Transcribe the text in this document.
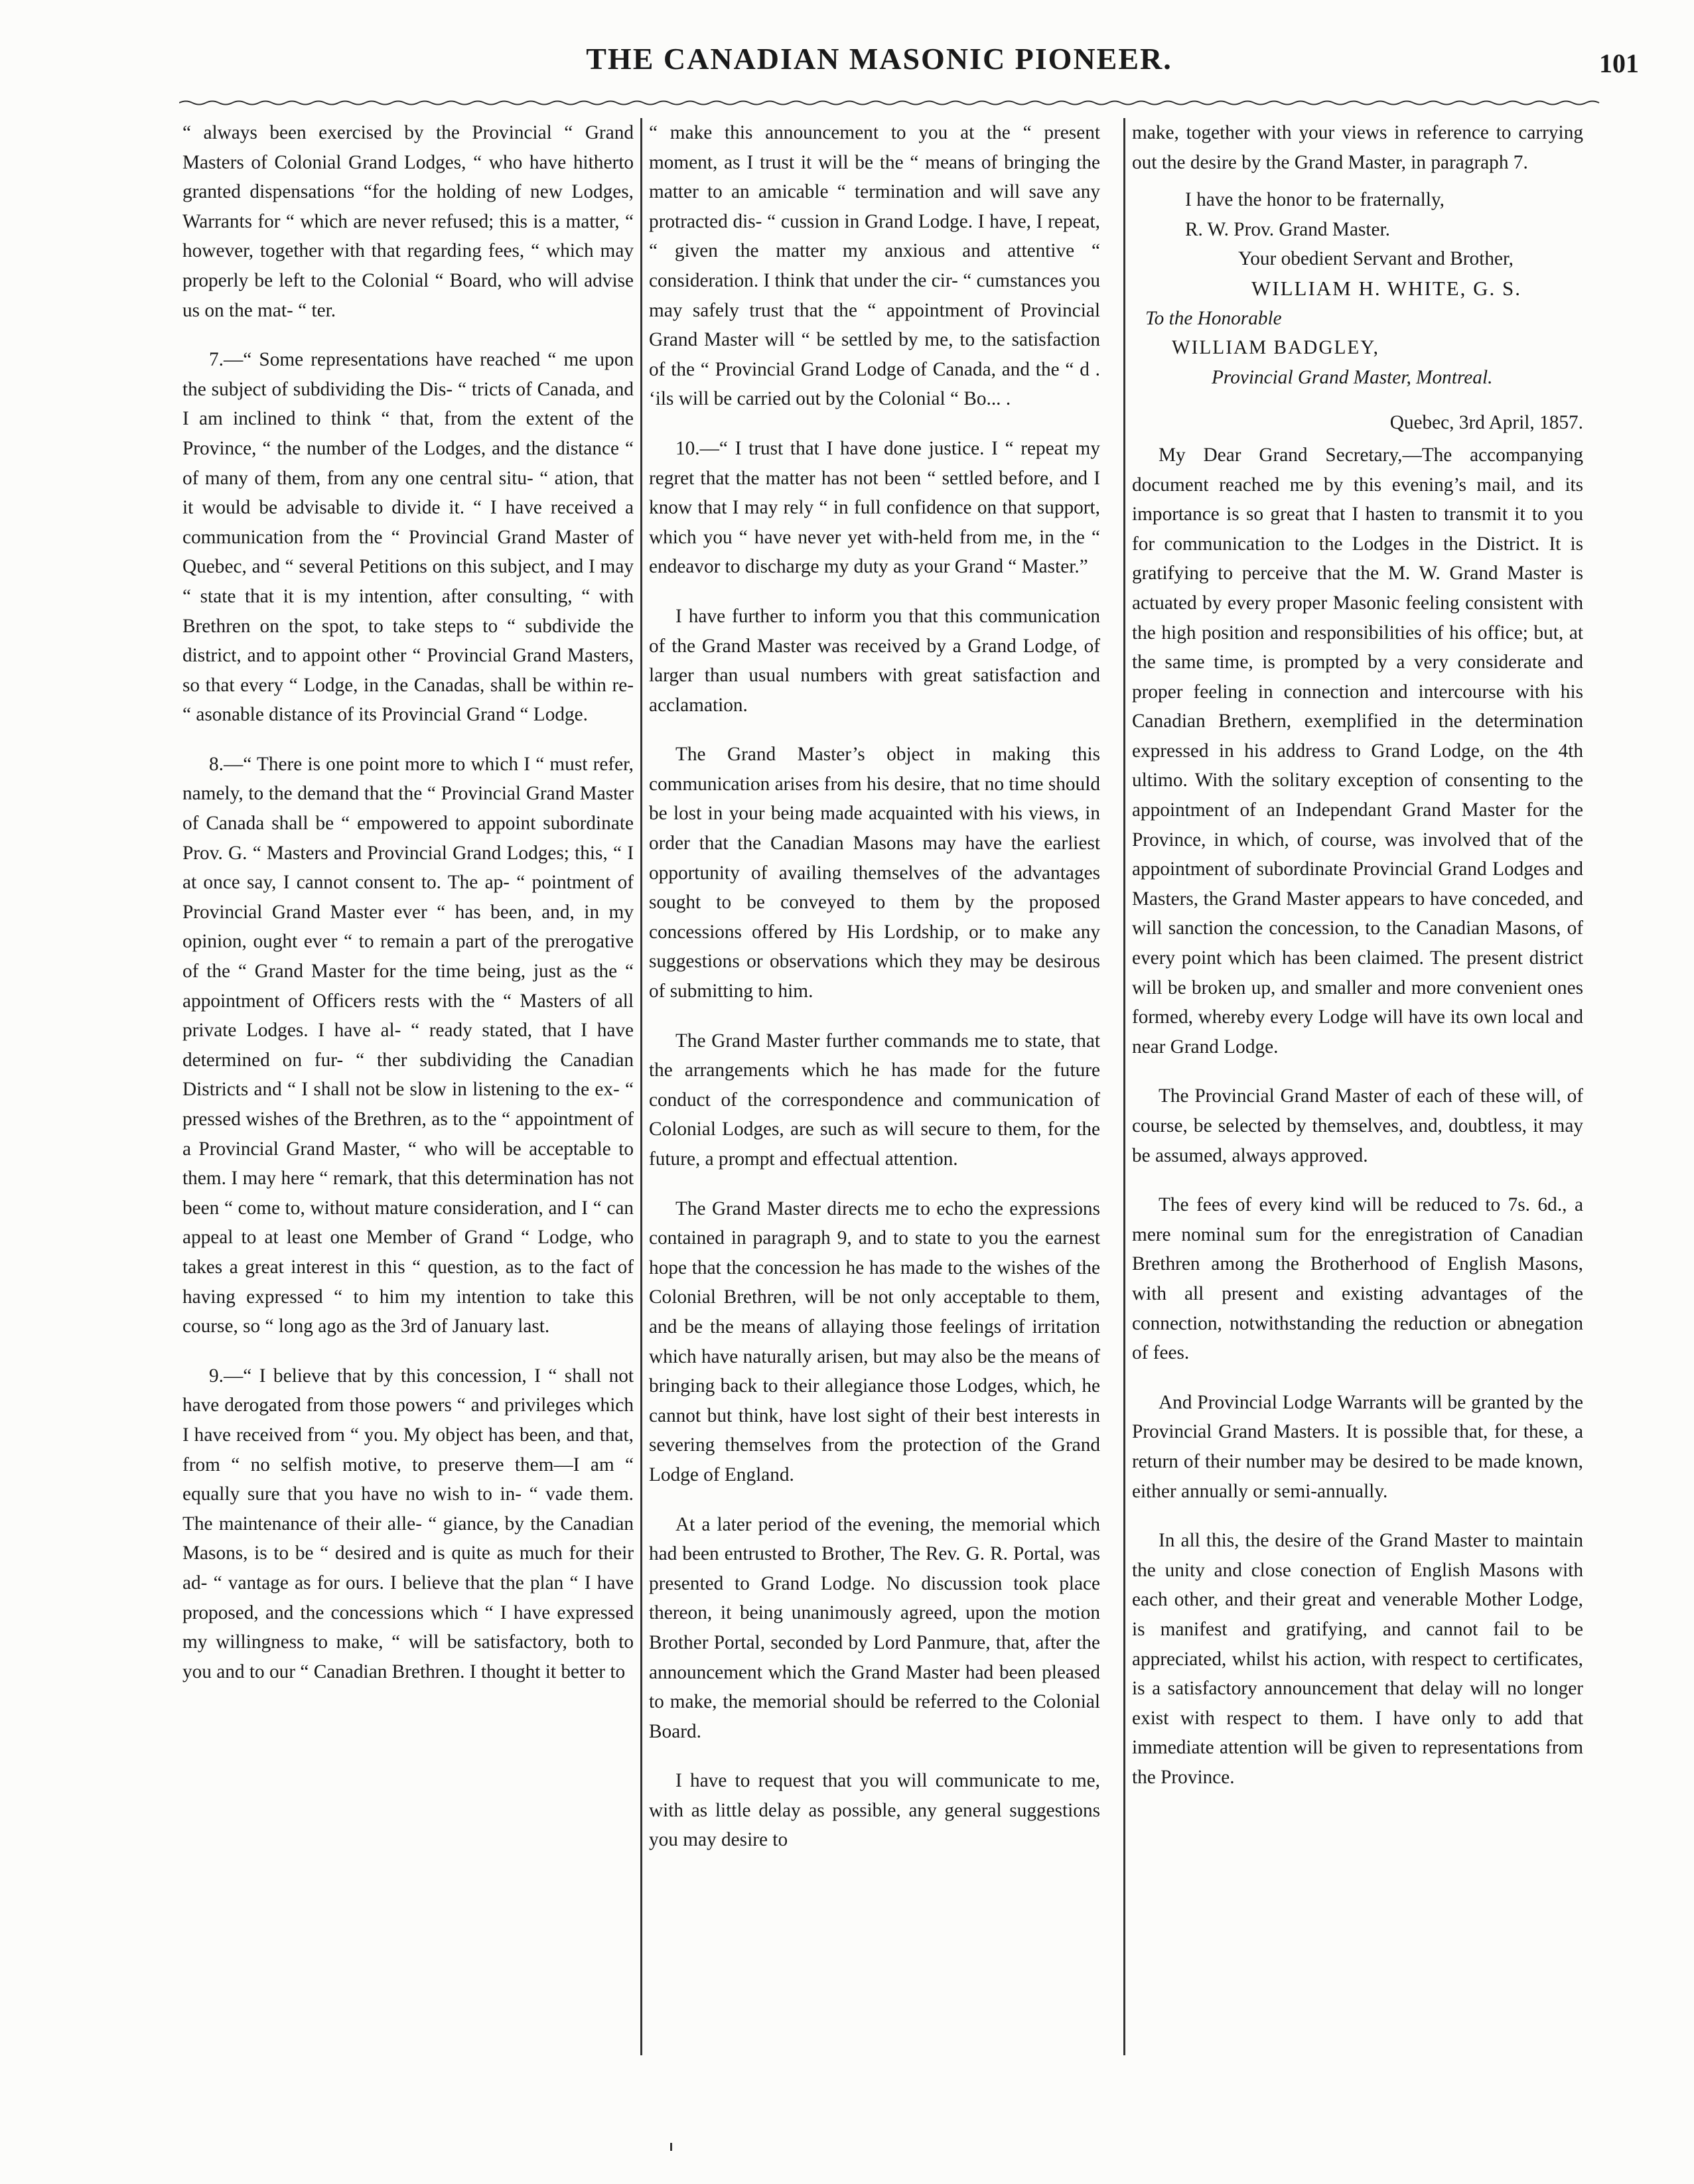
THE CANADIAN MASONIC PIONEER.	101

“ always been exercised by the Provincial “ Grand Masters of Colonial Grand Lodges, “ who have hitherto granted dispensations “for the holding of new Lodges, Warrants for “ which are never refused; this is a matter, “ however, together with that regarding fees, “ which may properly be left to the Colonial “ Board, who will advise us on the mat- “ ter.

7.—“ Some representations have reached “ me upon the subject of subdividing the Dis- “ tricts of Canada, and I am inclined to think “ that, from the extent of the Province, “ the number of the Lodges, and the distance “ of many of them, from any one central situ- “ ation, that it would be advisable to divide it. “ I have received a communication from the “ Provincial Grand Master of Quebec, and “ several Petitions on this subject, and I may “ state that it is my intention, after consulting, “ with Brethren on the spot, to take steps to “ subdivide the district, and to appoint other “ Provincial Grand Masters, so that every “ Lodge, in the Canadas, shall be within re- “ asonable distance of its Provincial Grand “ Lodge.

8.—“ There is one point more to which I “ must refer, namely, to the demand that the “ Provincial Grand Master of Canada shall be “ empowered to appoint subordinate Prov. G. “ Masters and Provincial Grand Lodges; this, “ I at once say, I cannot consent to. The ap- “ pointment of Provincial Grand Master ever “ has been, and, in my opinion, ought ever “ to remain a part of the prerogative of the “ Grand Master for the time being, just as the “ appointment of Officers rests with the “ Masters of all private Lodges. I have al- “ ready stated, that I have determined on fur- “ ther subdividing the Canadian Districts and “ I shall not be slow in listening to the ex- “ pressed wishes of the Brethren, as to the “ appointment of a Provincial Grand Master, “ who will be acceptable to them. I may here “ remark, that this determination has not been “ come to, without mature consideration, and I “ can appeal to at least one Member of Grand “ Lodge, who takes a great interest in this “ question, as to the fact of having expressed “ to him my intention to take this course, so “ long ago as the 3rd of January last.

9.—“ I believe that by this concession, I “ shall not have derogated from those powers “ and privileges which I have received from “ you. My object has been, and that, from “ no selfish motive, to preserve them—I am “ equally sure that you have no wish to in- “ vade them. The maintenance of their alle- “ giance, by the Canadian Masons, is to be “ desired and is quite as much for their ad- “ vantage as for ours. I believe that the plan “ I have proposed, and the concessions which “ I have expressed my willingness to make, “ will be satisfactory, both to you and to our “ Canadian Brethren. I thought it better to

“ make this announcement to you at the “ present moment, as I trust it will be the “ means of bringing the matter to an amicable “ termination and will save any protracted dis- “ cussion in Grand Lodge. I have, I repeat, “ given the matter my anxious and attentive “ consideration. I think that under the cir- “ cumstances you may safely trust that the “ appointment of Provincial Grand Master will “ be settled by me, to the satisfaction of the “ Provincial Grand Lodge of Canada, and the “ d . ‘ils will be carried out by the Colonial “ Bo... .

10.—“ I trust that I have done justice. I “ repeat my regret that the matter has not been “ settled before, and I know that I may rely “ in full confidence on that support, which you “ have never yet with-held from me, in the “ endeavor to discharge my duty as your Grand “ Master.”

I have further to inform you that this communication of the Grand Master was received by a Grand Lodge, of larger than usual numbers with great satisfaction and acclamation.

The Grand Master’s object in making this communication arises from his desire, that no time should be lost in your being made acquainted with his views, in order that the Canadian Masons may have the earliest opportunity of availing themselves of the advantages sought to be conveyed to them by the proposed concessions offered by His Lordship, or to make any suggestions or observations which they may be desirous of submitting to him.

The Grand Master further commands me to state, that the arrangements which he has made for the future conduct of the correspondence and communication of Colonial Lodges, are such as will secure to them, for the future, a prompt and effectual attention.

The Grand Master directs me to echo the expressions contained in paragraph 9, and to state to you the earnest hope that the concession he has made to the wishes of the Colonial Brethren, will be not only acceptable to them, and be the means of allaying those feelings of irritation which have naturally arisen, but may also be the means of bringing back to their allegiance those Lodges, which, he cannot but think, have lost sight of their best interests in severing themselves from the protection of the Grand Lodge of England.

At a later period of the evening, the memorial which had been entrusted to Brother, The Rev. G. R. Portal, was presented to Grand Lodge. No discussion took place thereon, it being unanimously agreed, upon the motion Brother Portal, seconded by Lord Panmure, that, after the announcement which the Grand Master had been pleased to make, the memorial should be referred to the Colonial Board.

I have to request that you will communicate to me, with as little delay as possible, any general suggestions you may desire to

make, together with your views in reference to carrying out the desire by the Grand Master, in paragraph 7.

I have the honor to be fraternally,
R. W. Prov. Grand Master.
Your obedient Servant and Brother,
WILLIAM H. WHITE, G. S.
To the Honorable
WILLIAM BADGLEY,
Provincial Grand Master, Montreal.
Quebec, 3rd April, 1857.

My Dear Grand Secretary,—The accompanying document reached me by this evening’s mail, and its importance is so great that I hasten to transmit it to you for communication to the Lodges in the District. It is gratifying to perceive that the M. W. Grand Master is actuated by every proper Masonic feeling consistent with the high position and responsibilities of his office; but, at the same time, is prompted by a very considerate and proper feeling in connection and intercourse with his Canadian Brethern, exemplified in the determination expressed in his address to Grand Lodge, on the 4th ultimo. With the solitary exception of consenting to the appointment of an Independant Grand Master for the Province, in which, of course, was involved that of the appointment of subordinate Provincial Grand Lodges and Masters, the Grand Master appears to have conceded, and will sanction the concession, to the Canadian Masons, of every point which has been claimed. The present district will be broken up, and smaller and more convenient ones formed, whereby every Lodge will have its own local and near Grand Lodge.

The Provincial Grand Master of each of these will, of course, be selected by themselves, and, doubtless, it may be assumed, always approved.

The fees of every kind will be reduced to 7s. 6d., a mere nominal sum for the enregistration of Canadian Brethren among the Brotherhood of English Masons, with all present and existing advantages of the connection, notwithstanding the reduction or abnegation of fees.

And Provincial Lodge Warrants will be granted by the Provincial Grand Masters. It is possible that, for these, a return of their number may be desired to be made known, either annually or semi-annually.

In all this, the desire of the Grand Master to maintain the unity and close conection of English Masons with each other, and their great and venerable Mother Lodge, is manifest and gratifying, and cannot fail to be appreciated, whilst his action, with respect to certificates, is a satisfactory announcement that delay will no longer exist with respect to them. I have only to add that immediate attention will be given to representations from the Province.
